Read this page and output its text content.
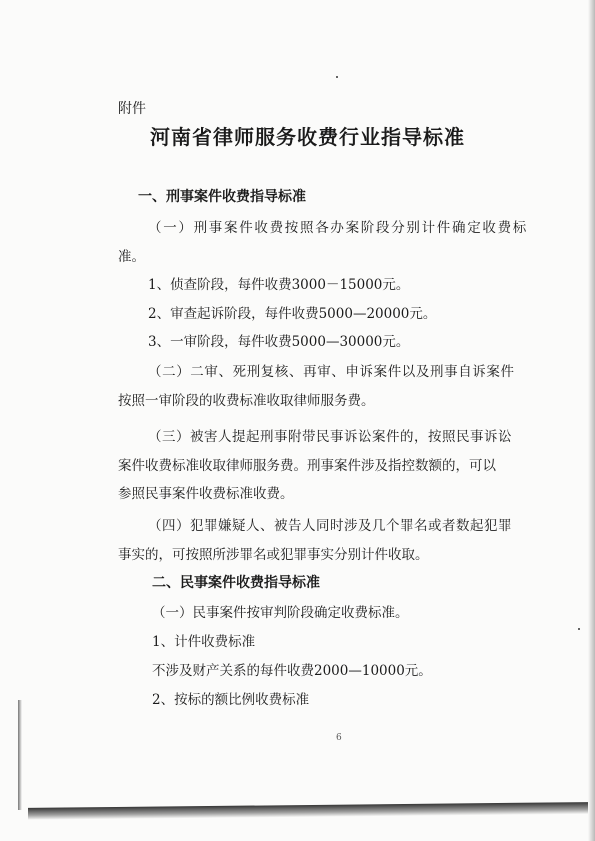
附件
河南省律师服务收费行业指导标准
一、刑事案件收费指导标准
（一）刑事案件收费按照各办案阶段分别计件确定收费标
准。
1、侦查阶段，每件收费3000－15000元。
2、审查起诉阶段，每件收费5000—20000元。
3、一审阶段，每件收费5000—30000元。
（二）二审、死刑复核、再审、申诉案件以及刑事自诉案件
按照一审阶段的收费标准收取律师服务费。
（三）被害人提起刑事附带民事诉讼案件的，按照民事诉讼
案件收费标准收取律师服务费。刑事案件涉及指控数额的，可以
参照民事案件收费标准收费。
（四）犯罪嫌疑人、被告人同时涉及几个罪名或者数起犯罪
事实的，可按照所涉罪名或犯罪事实分别计件收取。
二、民事案件收费指导标准
（一）民事案件按审判阶段确定收费标准。
1、计件收费标准
不涉及财产关系的每件收费2000—10000元。
2、按标的额比例收费标准
6
